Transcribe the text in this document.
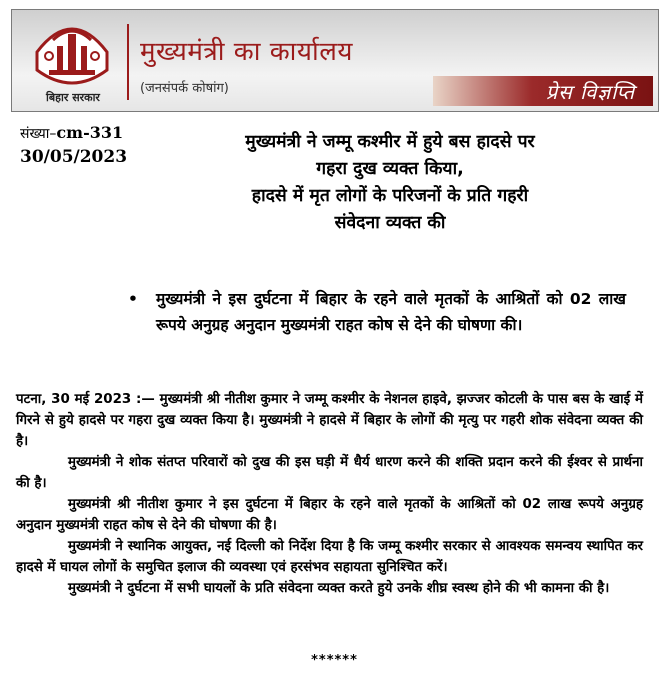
बिहार सरकार
मुख्यमंत्री का कार्यालय
(जनसंपर्क कोषांग)	प्रेस विज्ञप्ति
संख्या–cm-331
30/05/2023
मुख्यमंत्री ने जम्मू कश्मीर में हुये बस हादसे पर
गहरा दुख व्यक्त किया,
हादसे में मृत लोगों के परिजनों के प्रति गहरी
संवेदना व्यक्त की
• मुख्यमंत्री ने इस दुर्घटना में बिहार के रहने वाले मृतकों के आश्रितों को 02 लाख रूपये अनुग्रह अनुदान मुख्यमंत्री राहत कोष से देने की घोषणा की।

पटना, 30 मई 2023 :— मुख्यमंत्री श्री नीतीश कुमार ने जम्मू कश्मीर के नेशनल हाइवे, झज्जर कोटली के पास बस के खाई में गिरने से हुये हादसे पर गहरा दुख व्यक्त किया है। मुख्यमंत्री ने हादसे में बिहार के लोगों की मृत्यु पर गहरी शोक संवेदना व्यक्त की है।

मुख्यमंत्री ने शोक संतप्त परिवारों को दुख की इस घड़ी में धैर्य धारण करने की शक्ति प्रदान करने की ईश्वर से प्रार्थना की है।

मुख्यमंत्री श्री नीतीश कुमार ने इस दुर्घटना में बिहार के रहने वाले मृतकों के आश्रितों को 02 लाख रूपये अनुग्रह अनुदान मुख्यमंत्री राहत कोष से देने की घोषणा की है।

मुख्यमंत्री ने स्थानिक आयुक्त, नई दिल्ली को निर्देश दिया है कि जम्मू कश्मीर सरकार से आवश्यक समन्वय स्थापित कर हादसे में घायल लोगों के समुचित इलाज की व्यवस्था एवं हरसंभव सहायता सुनिश्चित करें।

मुख्यमंत्री ने दुर्घटना में सभी घायलों के प्रति संवेदना व्यक्त करते हुये उनके शीघ्र स्वस्थ होने की भी कामना की है।

******
